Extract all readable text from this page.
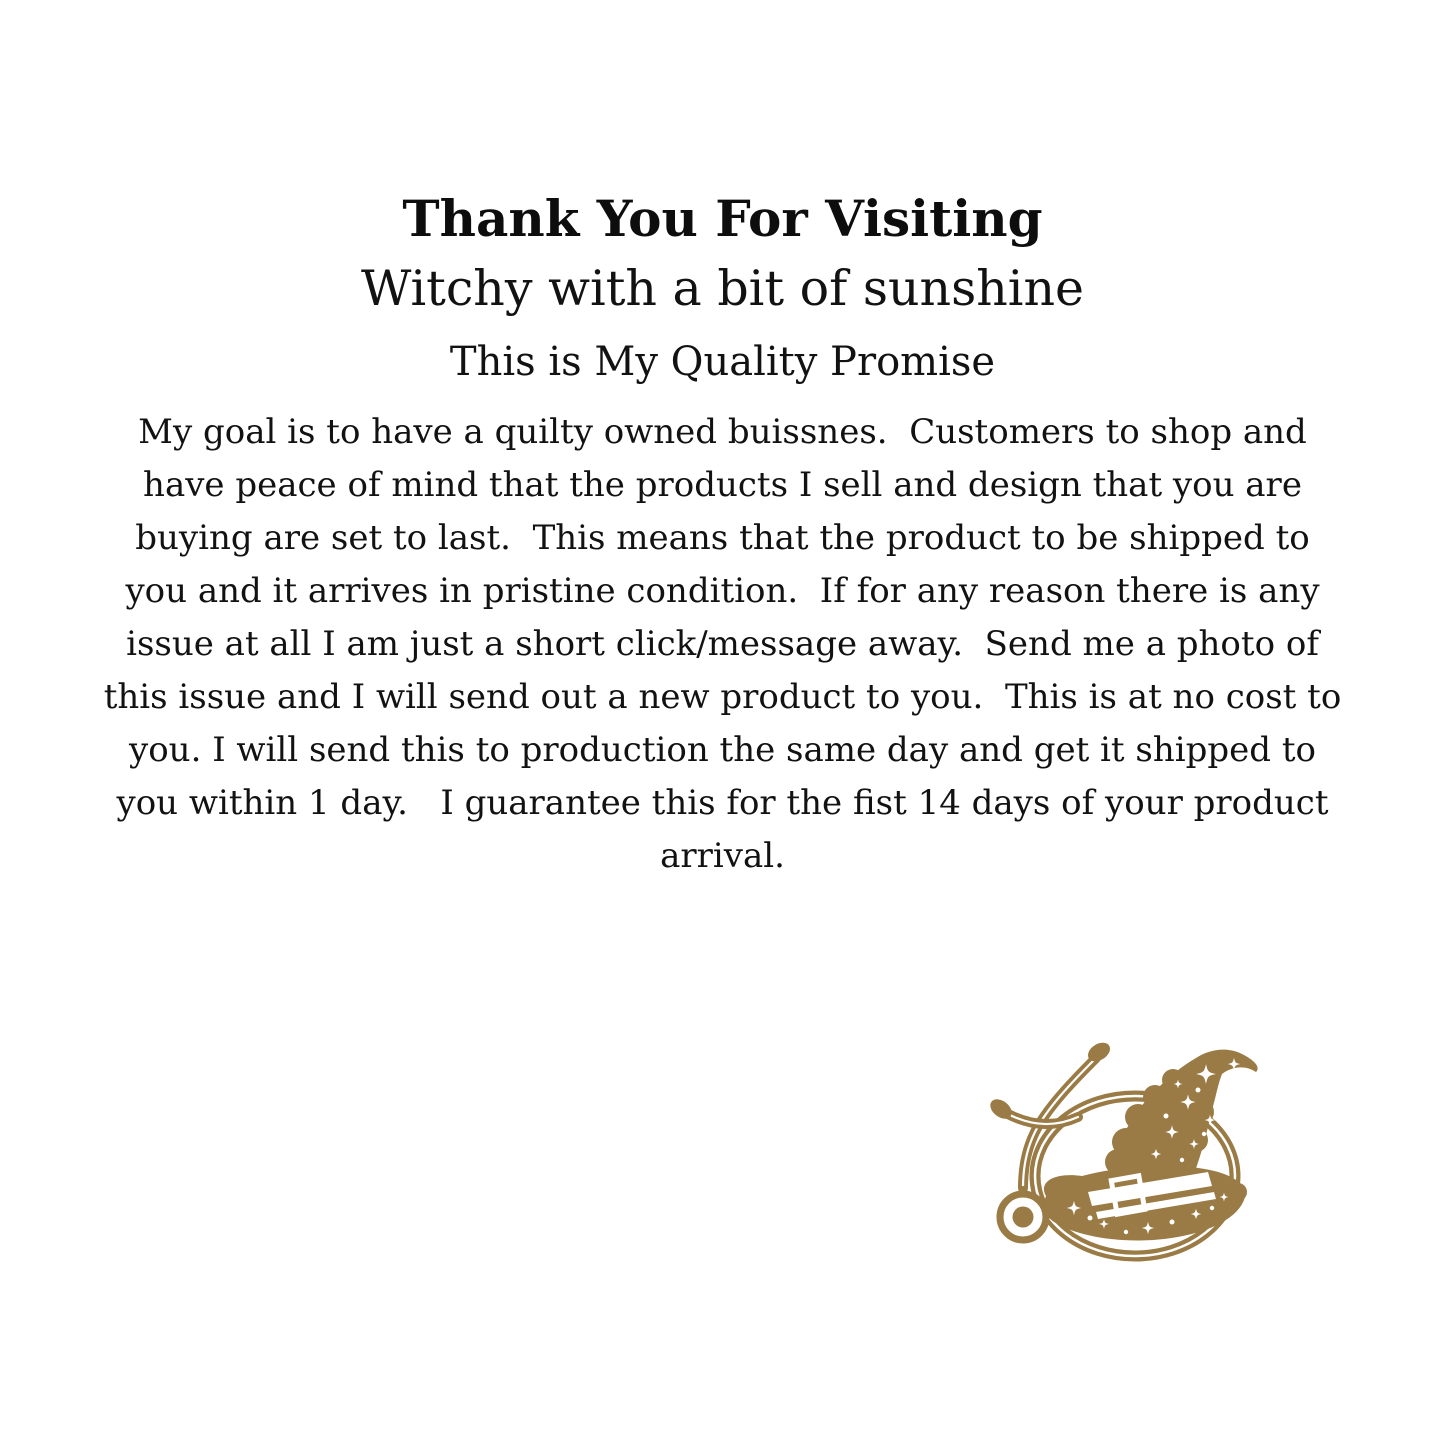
Thank You For Visiting
Witchy with a bit of sunshine
This is My Quality Promise
My goal is to have a quilty owned buissnes.  Customers to shop and
have peace of mind that the products I sell and design that you are
buying are set to last.  This means that the product to be shipped to
you and it arrives in pristine condition.  If for any reason there is any
issue at all I am just a short click/message away.  Send me a photo of
this issue and I will send out a new product to you.  This is at no cost to
you. I will send this to production the same day and get it shipped to
you within 1 day.   I guarantee this for the fist 14 days of your product
arrival.
